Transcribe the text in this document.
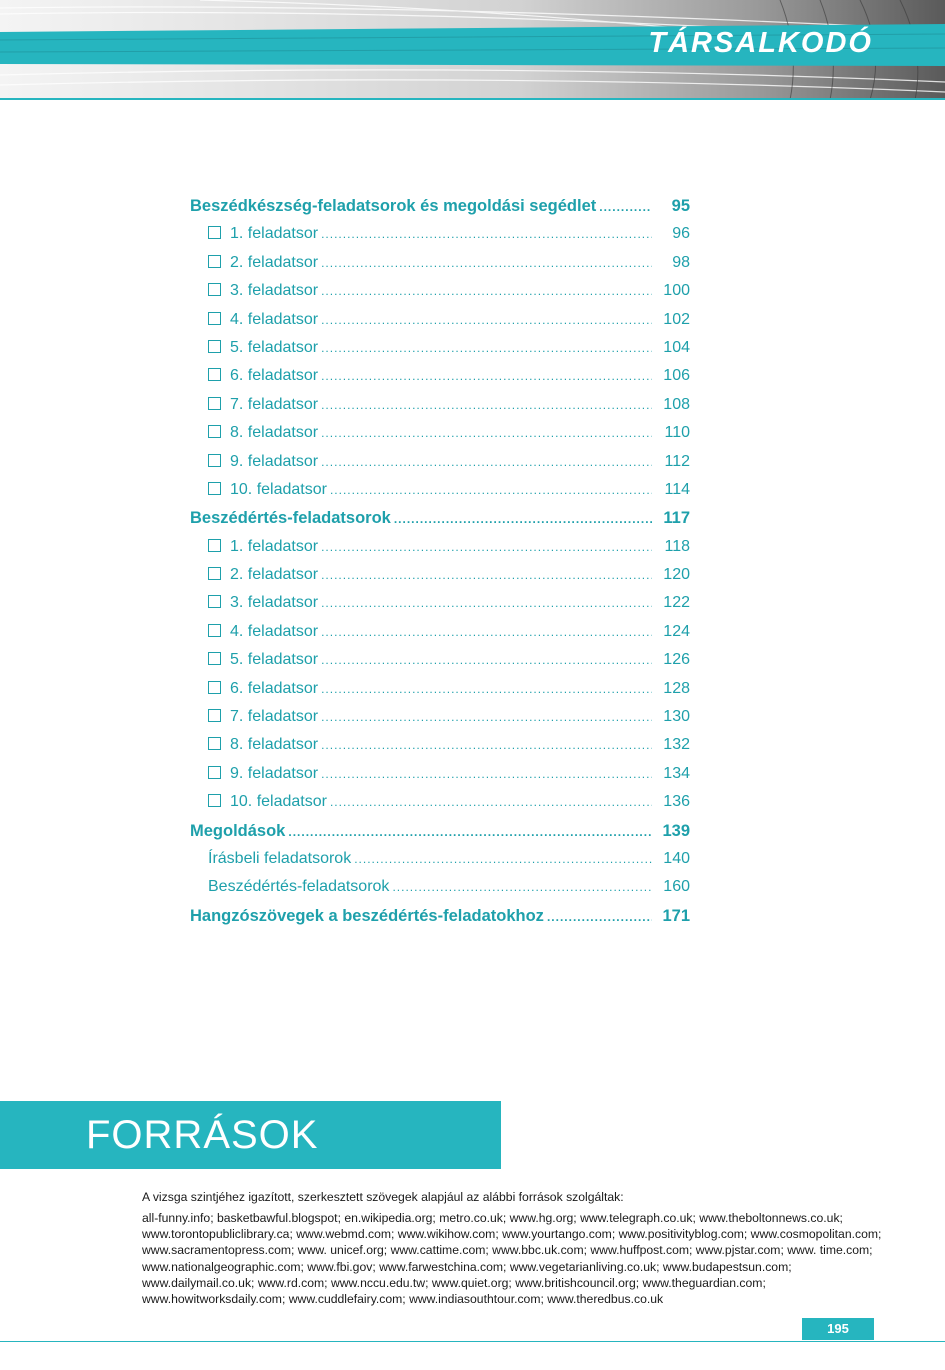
TÁRSALKODÓ
Beszédkészség-feladatsorok és megoldási segédlet .....	95
1. feladatsor .....	96
2. feladatsor .....	98
3. feladatsor .....	100
4. feladatsor .....	102
5. feladatsor .....	104
6. feladatsor .....	106
7. feladatsor .....	108
8. feladatsor .....	110
9. feladatsor .....	112
10. feladatsor .....	114
Beszédértés-feladatsorok .....	117
1. feladatsor .....	118
2. feladatsor .....	120
3. feladatsor .....	122
4. feladatsor .....	124
5. feladatsor .....	126
6. feladatsor .....	128
7. feladatsor .....	130
8. feladatsor .....	132
9. feladatsor .....	134
10. feladatsor .....	136
Megoldások .....	139
Írásbeli feladatsorok .....	140
Beszédértés-feladatsorok .....	160
Hangzószövegek a beszédértés-feladatokhoz .....	171
FORRÁSOK

A vizsga szintjéhez igazított, szerkesztett szövegek alapjául az alábbi források szolgáltak:

all-funny.info; basketbawful.blogspot; en.wikipedia.org; metro.co.uk; www.hg.org; www.telegraph.co.uk; www.theboltonnews.co.uk; www.torontopubliclibrary.ca; www.webmd.com; www.wikihow.com; www.yourtango.com; www.positivityblog.com; www.cosmopolitan.com; www.sacramentopress.com; www. unicef.org; www.cattime.com; www.bbc.uk.com; www.huffpost.com; www.pjstar.com; www. time.com; www.nationalgeographic.com; www.fbi.gov; www.farwestchina.com; www.vegetarianliving.co.uk; www.budapestsun.com; www.dailymail.co.uk; www.rd.com; www.nccu.edu.tw; www.quiet.org; www.britishcouncil.org; www.theguardian.com; www.howitworksdaily.com; www.cuddlefairy.com; www.indiasouthtour.com; www.theredbus.co.uk

195
